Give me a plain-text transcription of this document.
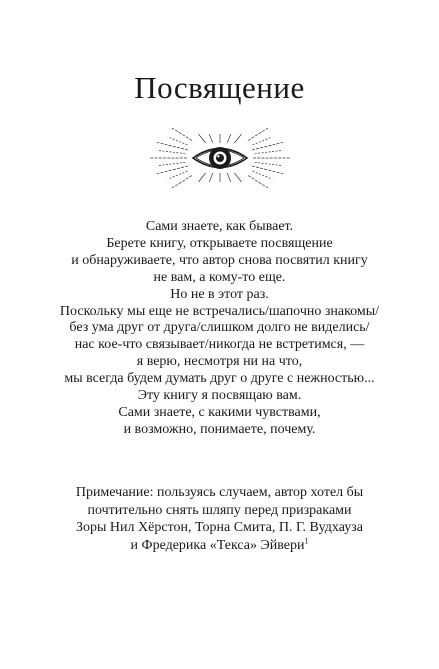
Посвящение
Сами знаете, как бывает.
Берете книгу, открываете посвящение
и обнаруживаете, что автор снова посвятил книгу
не вам, а кому-то еще.
Но не в этот раз.
Поскольку мы еще не встречались/шапочно знакомы/
без ума друг от друга/слишком долго не виделись/
нас кое-что связывает/никогда не встретимся, —
я верю, несмотря ни на что,
мы всегда будем думать друг о друге с нежностью...
Эту книгу я посвящаю вам.
Сами знаете, с какими чувствами,
и возможно, понимаете, почему.
Примечание: пользуясь случаем, автор хотел бы
почтительно снять шляпу перед призраками
Зоры Нил Хёрстон, Торна Смита, П. Г. Вудхауза
и Фредерика «Текса» Эйвери$^1$
